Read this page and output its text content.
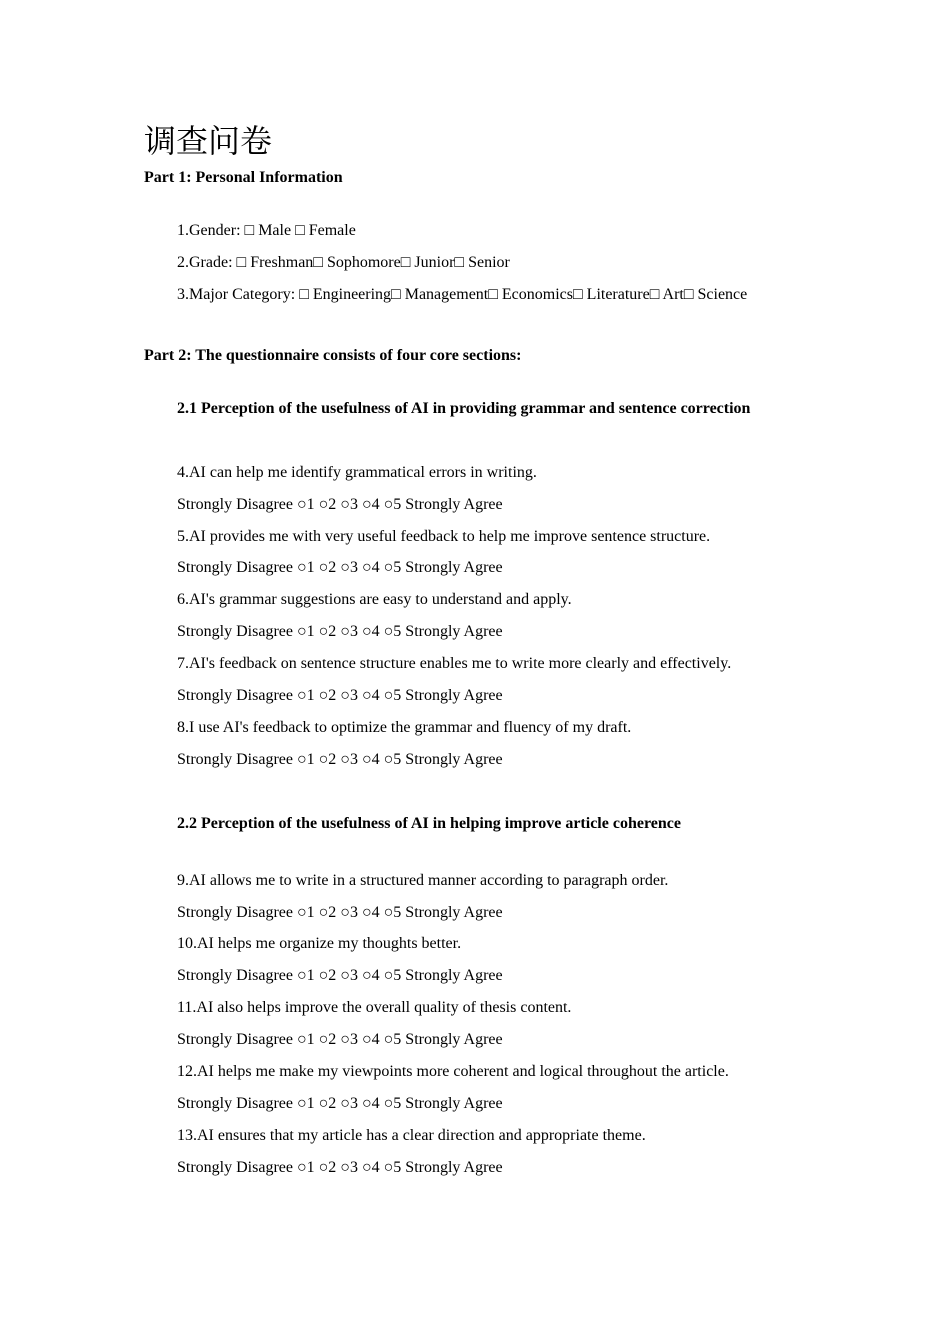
调查问卷
Part 1: Personal Information
1.Gender: □ Male □ Female
2.Grade: □ Freshman□ Sophomore□ Junior□ Senior
3.Major Category: □ Engineering□ Management□ Economics□ Literature□ Art□ Science
Part 2: The questionnaire consists of four core sections:
2.1 Perception of the usefulness of AI in providing grammar and sentence correction
4.AI can help me identify grammatical errors in writing.
Strongly Disagree ○1 ○2 ○3 ○4 ○5 Strongly Agree
5.AI provides me with very useful feedback to help me improve sentence structure.
Strongly Disagree ○1 ○2 ○3 ○4 ○5 Strongly Agree
6.AI's grammar suggestions are easy to understand and apply.
Strongly Disagree ○1 ○2 ○3 ○4 ○5 Strongly Agree
7.AI's feedback on sentence structure enables me to write more clearly and effectively.
Strongly Disagree ○1 ○2 ○3 ○4 ○5 Strongly Agree
8.I use AI's feedback to optimize the grammar and fluency of my draft.
Strongly Disagree ○1 ○2 ○3 ○4 ○5 Strongly Agree
2.2 Perception of the usefulness of AI in helping improve article coherence
9.AI allows me to write in a structured manner according to paragraph order.
Strongly Disagree ○1 ○2 ○3 ○4 ○5 Strongly Agree
10.AI helps me organize my thoughts better.
Strongly Disagree ○1 ○2 ○3 ○4 ○5 Strongly Agree
11.AI also helps improve the overall quality of thesis content.
Strongly Disagree ○1 ○2 ○3 ○4 ○5 Strongly Agree
12.AI helps me make my viewpoints more coherent and logical throughout the article.
Strongly Disagree ○1 ○2 ○3 ○4 ○5 Strongly Agree
13.AI ensures that my article has a clear direction and appropriate theme.
Strongly Disagree ○1 ○2 ○3 ○4 ○5 Strongly Agree
